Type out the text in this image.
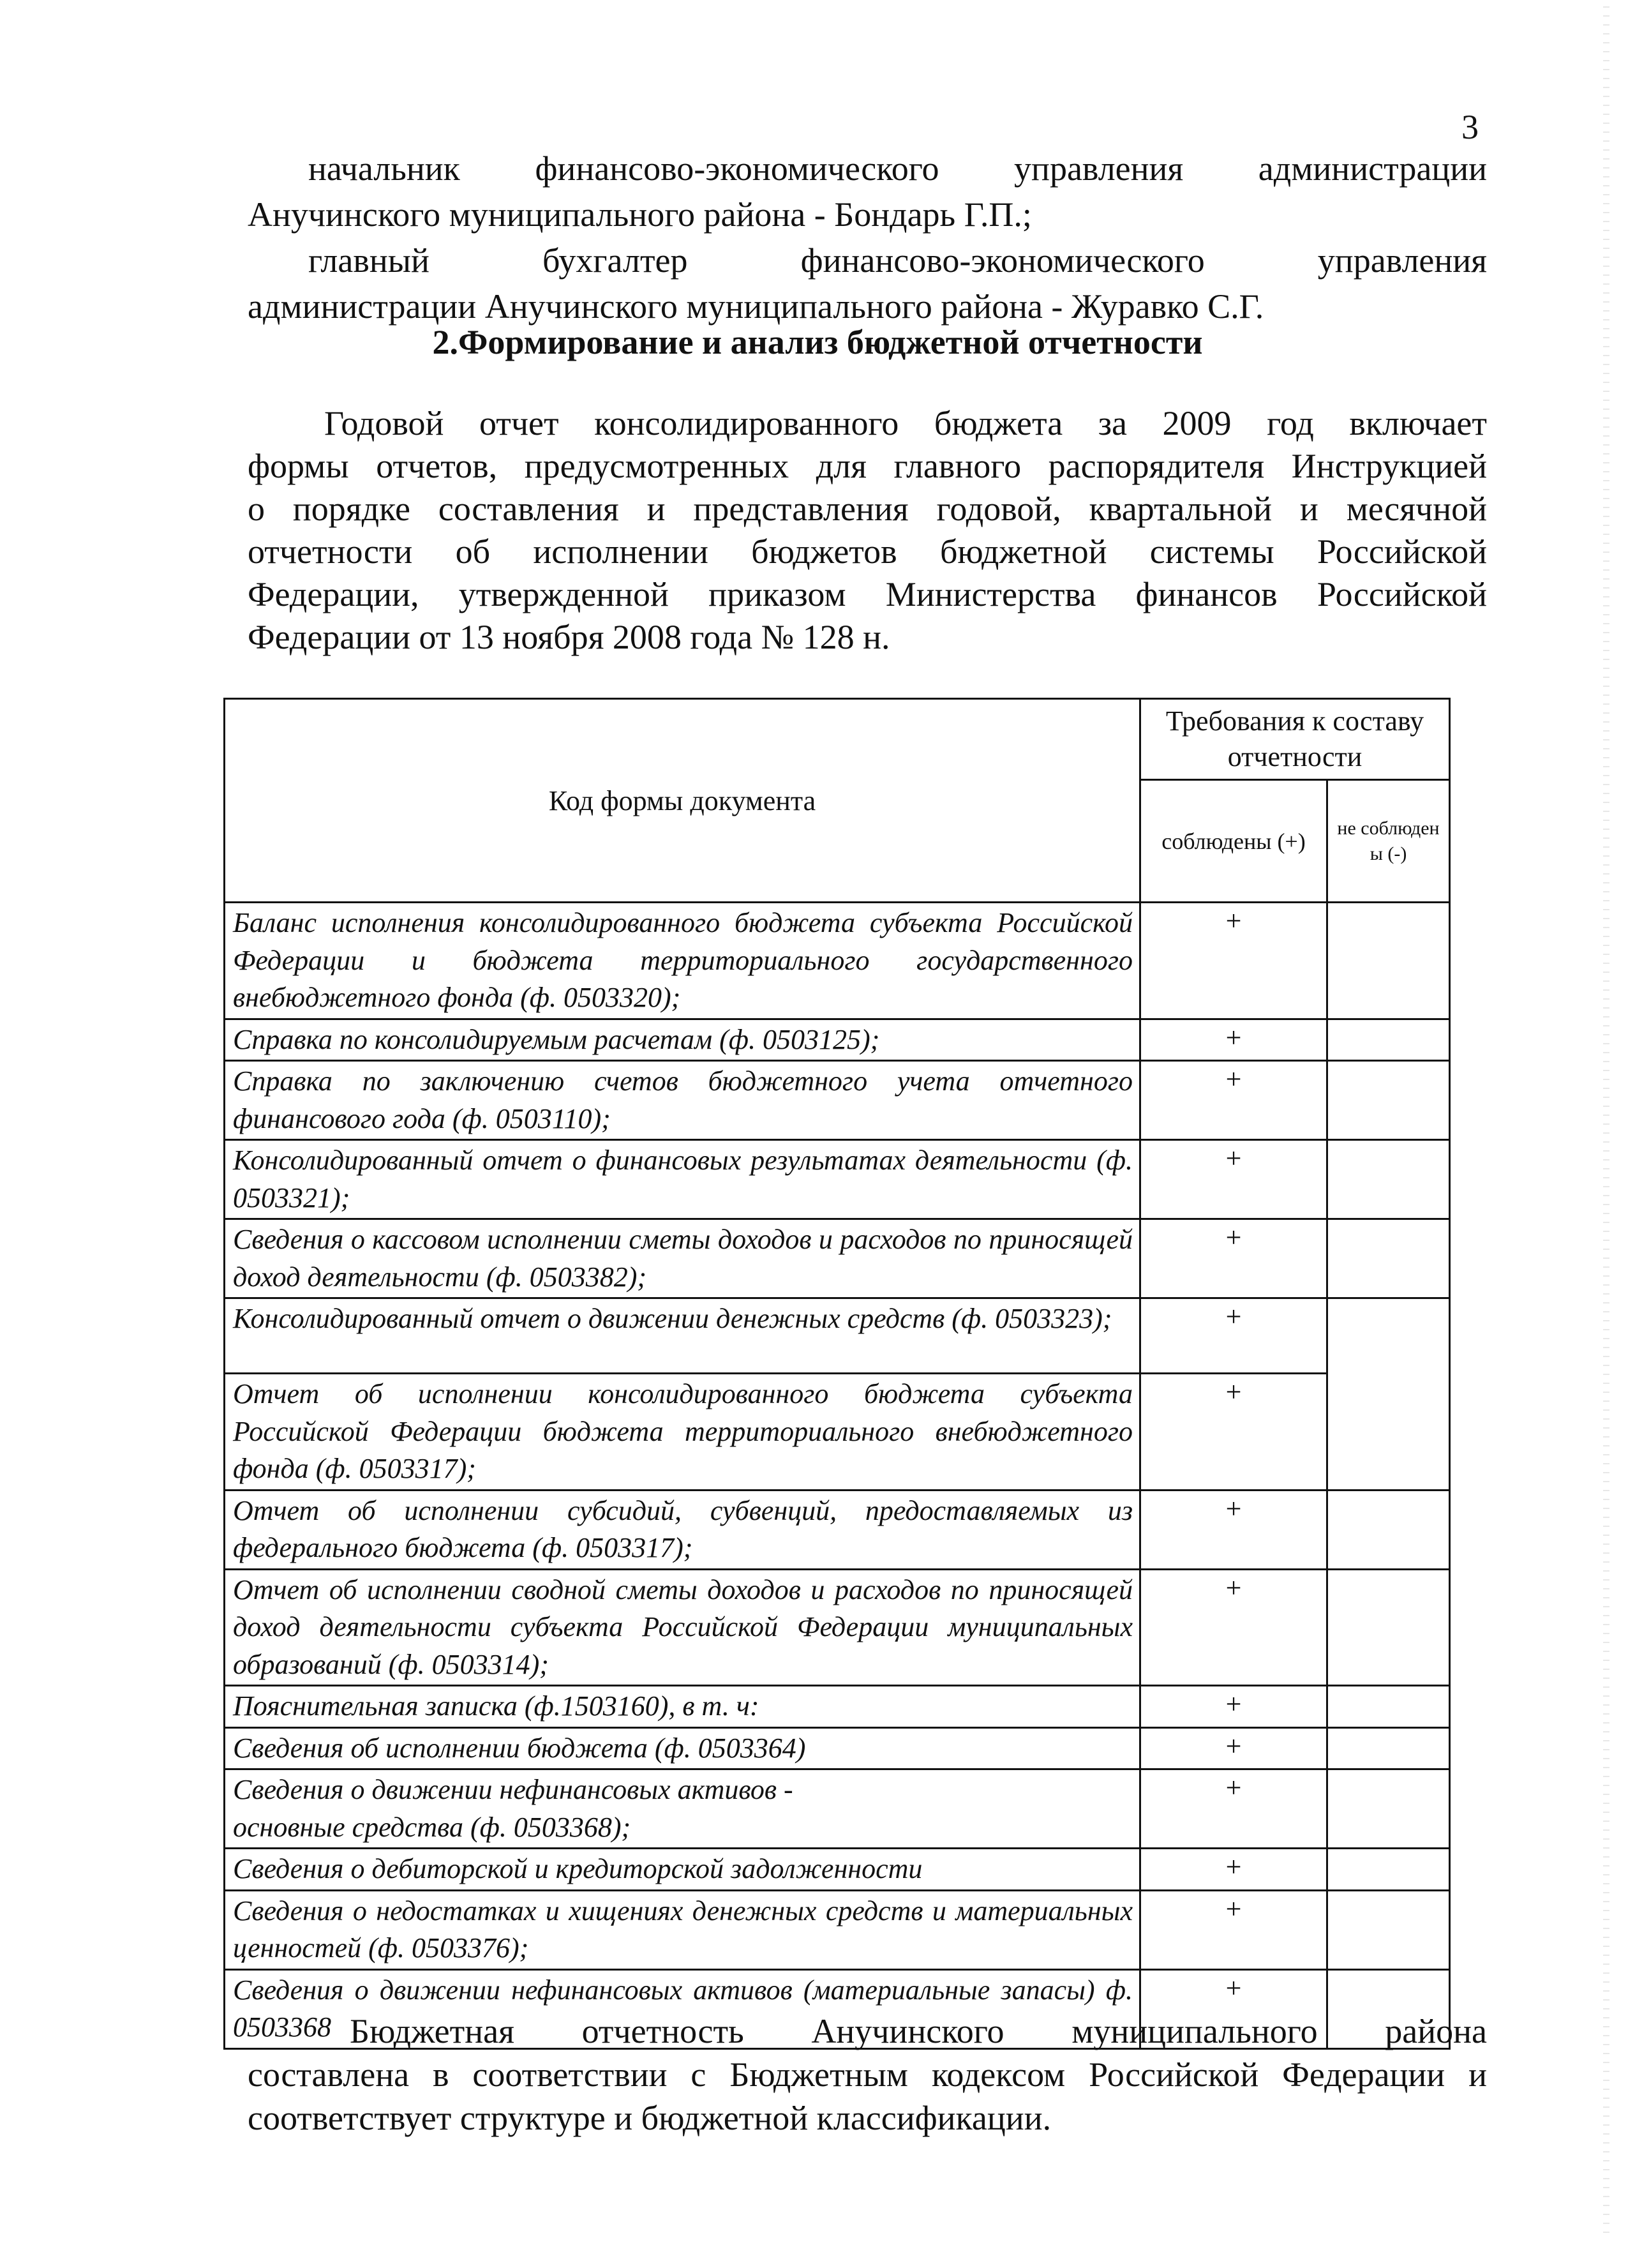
3
начальник финансово-экономического управления администрации
Анучинского муниципального района - Бондарь Г.П.;
главный бухгалтер финансово-экономического управления
администрации Анучинского муниципального района - Журавко С.Г.
2.Формирование и анализ бюджетной отчетности
Годовой отчет консолидированного бюджета за 2009 год включает
формы отчетов, предусмотренных для главного распорядителя Инструкцией
о порядке составления и представления годовой, квартальной и месячной
отчетности об исполнении бюджетов бюджетной системы Российской
Федерации, утвержденной приказом Министерства финансов Российской
Федерации от 13 ноября 2008 года № 128 н.
Код формы документа	Требования к составу отчетности	
	соблюдены (+)	не соблюден ы (-)
Баланс исполнения консолидированного бюджета субъекта Российской Федерации и бюджета территориального государственного внебюджетного фонда (ф. 0503320);	+	
Справка по консолидируемым расчетам (ф. 0503125);	+	
Справка по заключению счетов бюджетного учета отчетного финансового года (ф. 0503110);	+	
Консолидированный отчет о финансовых результатах деятельности (ф. 0503321);	+	
Сведения о кассовом исполнении сметы доходов и расходов по приносящей доход деятельности (ф. 0503382);	+	
Консолидированный отчет о движении денежных средств (ф. 0503323);	+	
Отчет об исполнении консолидированного бюджета субъекта Российской Федерации бюджета территориального внебюджетного фонда (ф. 0503317);	+	
Отчет об исполнении субсидий, субвенций, предоставляемых из федерального бюджета (ф. 0503317);	+	
Отчет об исполнении сводной сметы доходов и расходов по приносящей доход деятельности субъекта Российской Федерации муниципальных образований (ф. 0503314);	+	
Пояснительная записка (ф.1503160), в т. ч:	+	
Сведения об исполнении бюджета (ф. 0503364)	+	
Сведения о движении нефинансовых активов - основные средства (ф. 0503368);	+	
Сведения о дебиторской и кредиторской задолженности	+	
Сведения о недостатках и хищениях денежных средств и материальных ценностей (ф. 0503376);	+	
Сведения о движении нефинансовых активов (материальные запасы) ф. 0503368	+	
Бюджетная отчетность Анучинского муниципального района
составлена в соответствии с Бюджетным кодексом Российской Федерации и
соответствует структуре и бюджетной классификации.
